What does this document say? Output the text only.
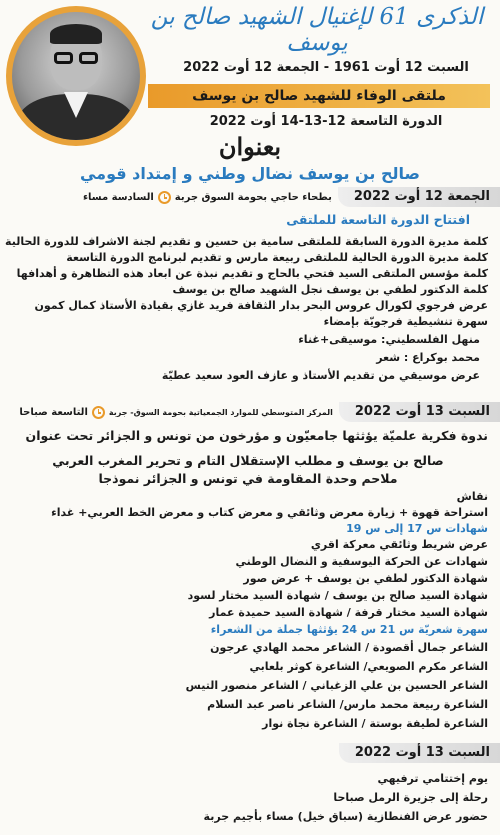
الذكرى 61 لإغتيال الشهيد صالح بن يوسف
السبت 12 أوت 1961 - الجمعة 12 أوت 2022
ملتقى الوفاء للشهيد صالح بن يوسف
الدورة التاسعة 12-13-14 أوت 2022
بعنوان
صالح بن يوسف نضال وطني و إمتداد قومي
الجمعة 12 أوت 2022
بطحاء حاجي بحومة السوق جربة
السادسة مساء
افتتاح الدورة التاسعة للملتقى
كلمة مديرة الدورة السابقة للملتقى سامية بن حسين و تقديم لجنة الاشراف للدورة الحالية
كلمة مديرة الدورة الحالية للملتقى ربيعة مارس و تقديم لبرنامج الدورة التاسعة
كلمة مؤسس الملتقى السيد فتحي بالحاج و تقديم نبذة عن ابعاد هذه التظاهرة و أهدافها
كلمة الدكتور لطفي بن يوسف نجل الشهيد صالح بن يوسف
عرض فرجوي لكورال عروس البحر بدار الثقافة فريد غازي بقيادة الأستاذ كمال كمون
سهرة تنشيطية فرجويّة بإمضاء
منهل الفلسطيني: موسيقى+غناء
محمد بوكراع : شعر
عرض موسيقي من تقديم الأستاذ و عازف العود سعيد عطيّة
السبت 13 أوت 2022
المركز المتوسطي للموارد الجمعياتية بحومة السوق- جربة
التاسعة صباحا
ندوة فكرية علميّة يؤثثها جامعيّون و مؤرخون من تونس و الجزائر تحت عنوان
صالح بن يوسف و مطلب الإستقلال التام و تحرير المغرب العربي
ملاحم وحدة المقاومة في تونس و الجزائر نموذجا
نقاش
استراحة قهوة + زيارة معرض وثائقي و معرض كتاب و معرض الخط العربي+ غداء
شهادات س 17 إلى س 19
عرض شريط وثائقي معركة اقري
شهادات عن الحركة اليوسفية و النضال الوطني
شهادة الدكتور لطفي بن يوسف + عرض صور
شهادة السيد صالح بن يوسف / شهادة السيد مختار لسود
شهادة السيد مختار قرفة / شهادة السيد حميدة عمار
سهرة شعريّة س 21 س 24 يؤثثها جملة من الشعراء
الشاعر جمال أقصودة / الشاعر محمد الهادي عرجون
الشاعر مكرم الصويعي/ الشاعرة كوثر بلعابي
الشاعر الحسين بن علي الزغباني / الشاعر منصور التيس
الشاعرة ربيعة محمد مارس/ الشاعر ناصر عبد السلام
الشاعرة لطيفة بوستة / الشاعرة نجاة نوار
السبت 13 أوت 2022
يوم إختتامي ترفيهي
رحلة إلى جزيرة الرمل صباحا
حضور عرض الفنطازية (سباق خيل) مساء بأجيم جربة
